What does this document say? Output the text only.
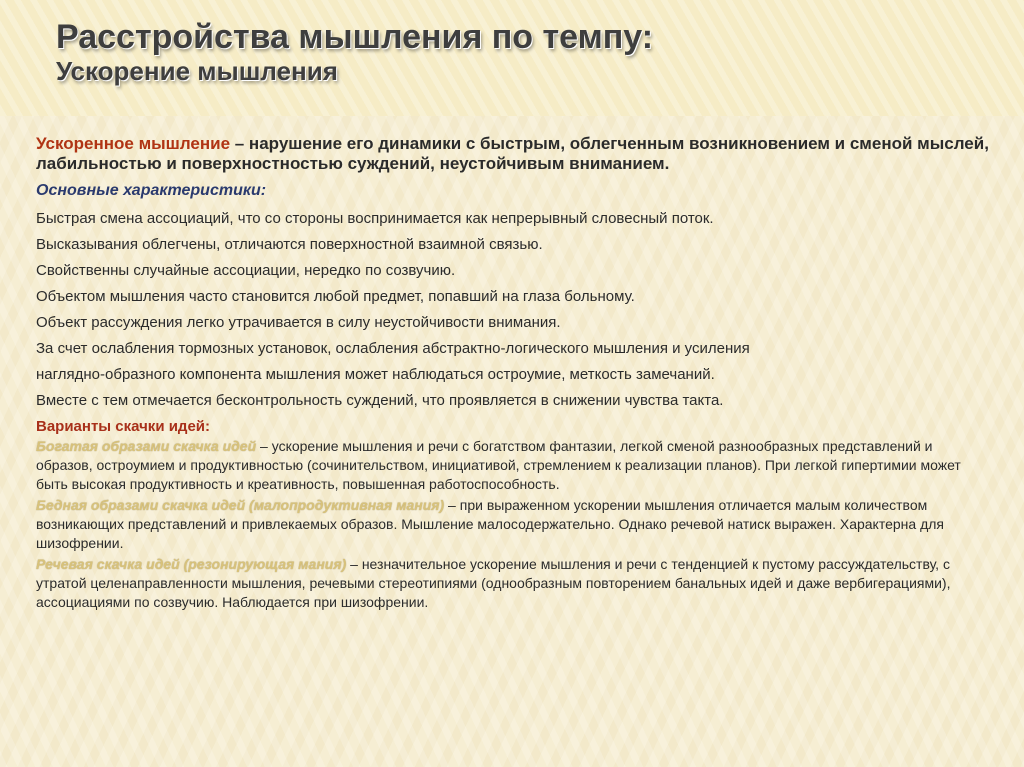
Расстройства мышления по темпу:
Ускорение мышления

Ускоренное мышление – нарушение его динамики с быстрым, облегченным возникновением и сменой мыслей, лабильностью и поверхностностью суждений, неустойчивым вниманием.

Основные характеристики:
Быстрая смена ассоциаций, что со стороны воспринимается как непрерывный словесный поток.
Высказывания облегчены, отличаются поверхностной взаимной связью.
Свойственны случайные ассоциации, нередко по созвучию.
Объектом мышления часто становится любой предмет, попавший на глаза больному.
Объект рассуждения легко утрачивается в силу неустойчивости внимания.
За счет ослабления тормозных установок, ослабления абстрактно-логического мышления и усиления
наглядно-образного компонента мышления может наблюдаться остроумие, меткость замечаний.
Вместе с тем отмечается бесконтрольность суждений, что проявляется в снижении чувства такта.
Варианты скачки идей:

Богатая образами скачка идей – ускорение мышления и речи с богатством фантазии, легкой сменой разнообразных представлений и образов, остроумием и продуктивностью (сочинительством, инициативой, стремлением к реализации планов). При легкой гипертимии может быть высокая продуктивность и креативность, повышенная работоспособность.

Бедная образами скачка идей (малопродуктивная мания) – при выраженном ускорении мышления отличается малым количеством возникающих представлений и привлекаемых образов. Мышление малосодержательно. Однако речевой натиск выражен. Характерна для шизофрении.

Речевая скачка идей (резонирующая мания) – незначительное ускорение мышления и речи с тенденцией к пустому рассуждательству, с утратой целенаправленности мышления, речевыми стереотипиями (однообразным повторением банальных идей и даже вербигерациями), ассоциациями по созвучию. Наблюдается при шизофрении.
